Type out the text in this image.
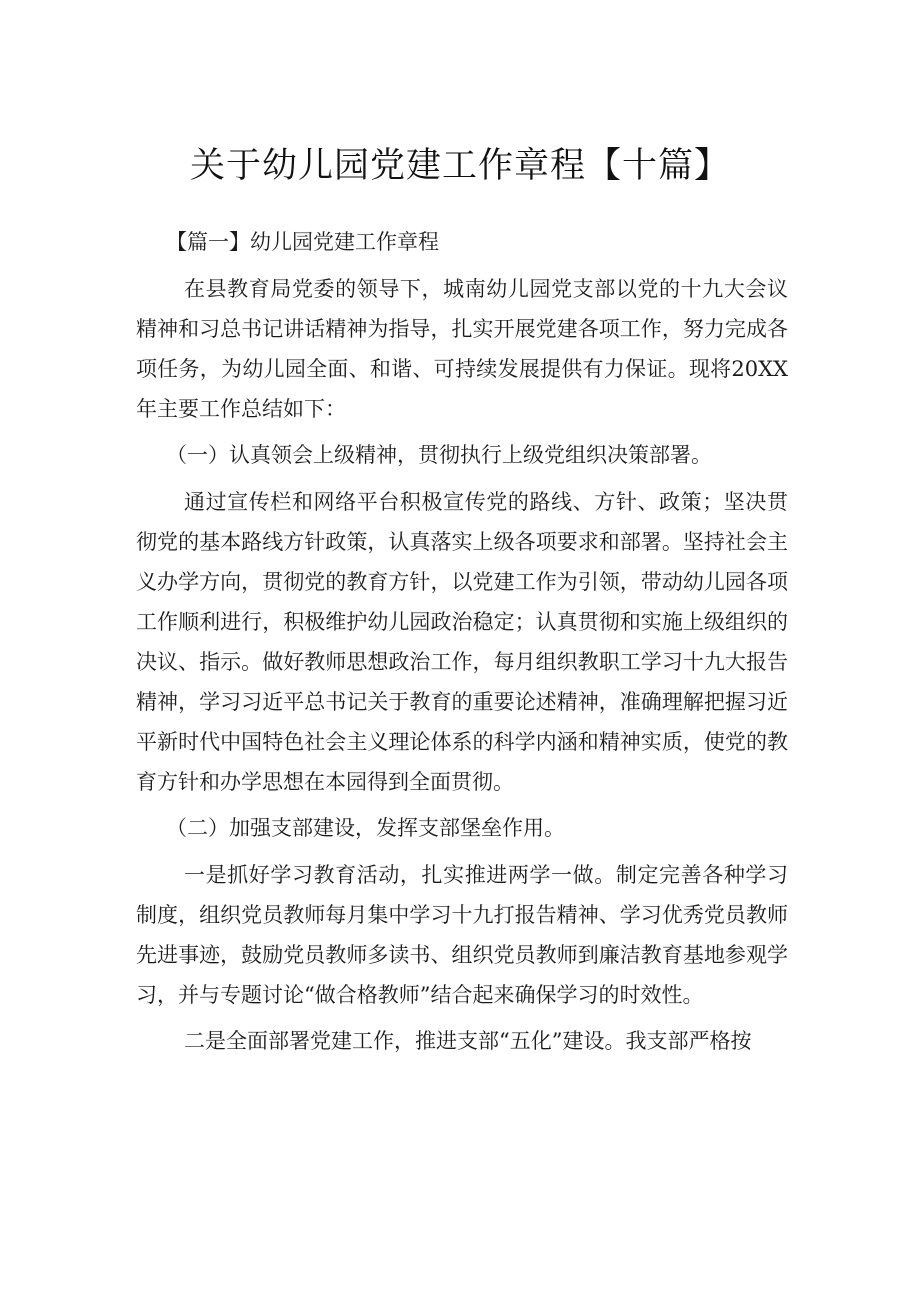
关于幼儿园党建工作章程【十篇】

【篇一】幼儿园党建工作章程

在县教育局党委的领导下，城南幼儿园党支部以党的十九大会议精神和习总书记讲话精神为指导，扎实开展党建各项工作，努力完成各项任务，为幼儿园全面、和谐、可持续发展提供有力保证。现将20XX年主要工作总结如下：

（一）认真领会上级精神，贯彻执行上级党组织决策部署。

通过宣传栏和网络平台积极宣传党的路线、方针、政策；坚决贯彻党的基本路线方针政策，认真落实上级各项要求和部署。坚持社会主义办学方向，贯彻党的教育方针，以党建工作为引领，带动幼儿园各项工作顺利进行，积极维护幼儿园政治稳定；认真贯彻和实施上级组织的决议、指示。做好教师思想政治工作，每月组织教职工学习十九大报告精神，学习习近平总书记关于教育的重要论述精神，准确理解把握习近平新时代中国特色社会主义理论体系的科学内涵和精神实质，使党的教育方针和办学思想在本园得到全面贯彻。

（二）加强支部建设，发挥支部堡垒作用。

一是抓好学习教育活动，扎实推进两学一做。制定完善各种学习制度，组织党员教师每月集中学习十九打报告精神、学习优秀党员教师先进事迹，鼓励党员教师多读书、组织党员教师到廉洁教育基地参观学习，并与专题讨论“做合格教师”结合起来确保学习的时效性。

二是全面部署党建工作，推进支部“五化”建设。我支部严格按
